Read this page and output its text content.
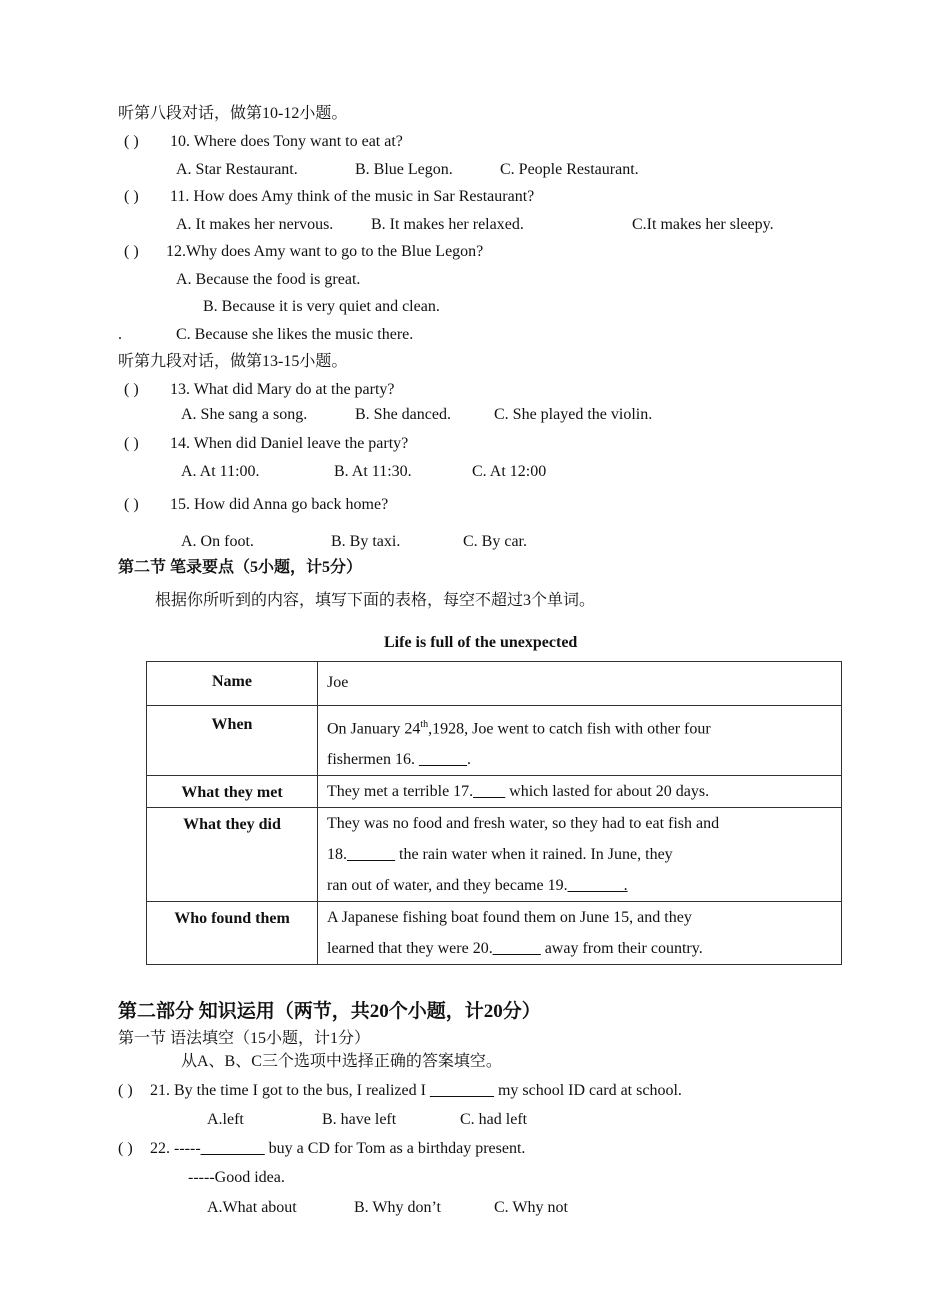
听第八段对话，做第10-12小题。
( ) 10. Where does Tony want to eat at?
A. Star Restaurant.	B. Blue Legon.	C. People Restaurant.
( ) 11. How does Amy think of the music in Sar Restaurant?
A. It makes her nervous. B. It makes her relaxed.	C.It makes her sleepy.
( ) 12.Why does Amy want to go to the Blue Legon?
A. Because the food is great.
B. Because it is very quiet and clean.
.	C. Because she likes the music there.
听第九段对话，做第13-15小题。
( ) 13. What did Mary do at the party?
A. She sang a song.	B. She danced.	C. She played the violin.
( ) 14. When did Daniel leave the party?
A. At 11:00.	B. At 11:30.	C. At 12:00
( ) 15. How did Anna go back home?
A. On foot.	B. By taxi.	C. By car.
第二节 笔录要点（5小题，计5分）
根据你所听到的内容，填写下面的表格，每空不超过3个单词。
Life is full of the unexpected
Name	Joe

When	On January 24th,1928, Joe went to catch fish with other four
fishermen 16. ______.

What they met	They met a terrible 17.____ which lasted for about 20 days.

What they did	They was no food and fresh water, so they had to eat fish and
18.______ the rain water when it rained. In June, they
ran out of water, and they became 19._______.

Who found them	A Japanese fishing boat found them on June 15, and they
learned that they were 20.______ away from their country.
第二部分 知识运用（两节，共20个小题，计20分）
第一节 语法填空（15小题，计1分）
从A、B、C三个选项中选择正确的答案填空。
( ) 21. By the time I got to the bus, I realized I ________ my school ID card at school.
A.left	B. have left	C. had left
( ) 22. -----________ buy a CD for Tom as a birthday present.
-----Good idea.
A.What about	B. Why don’t	C. Why not
